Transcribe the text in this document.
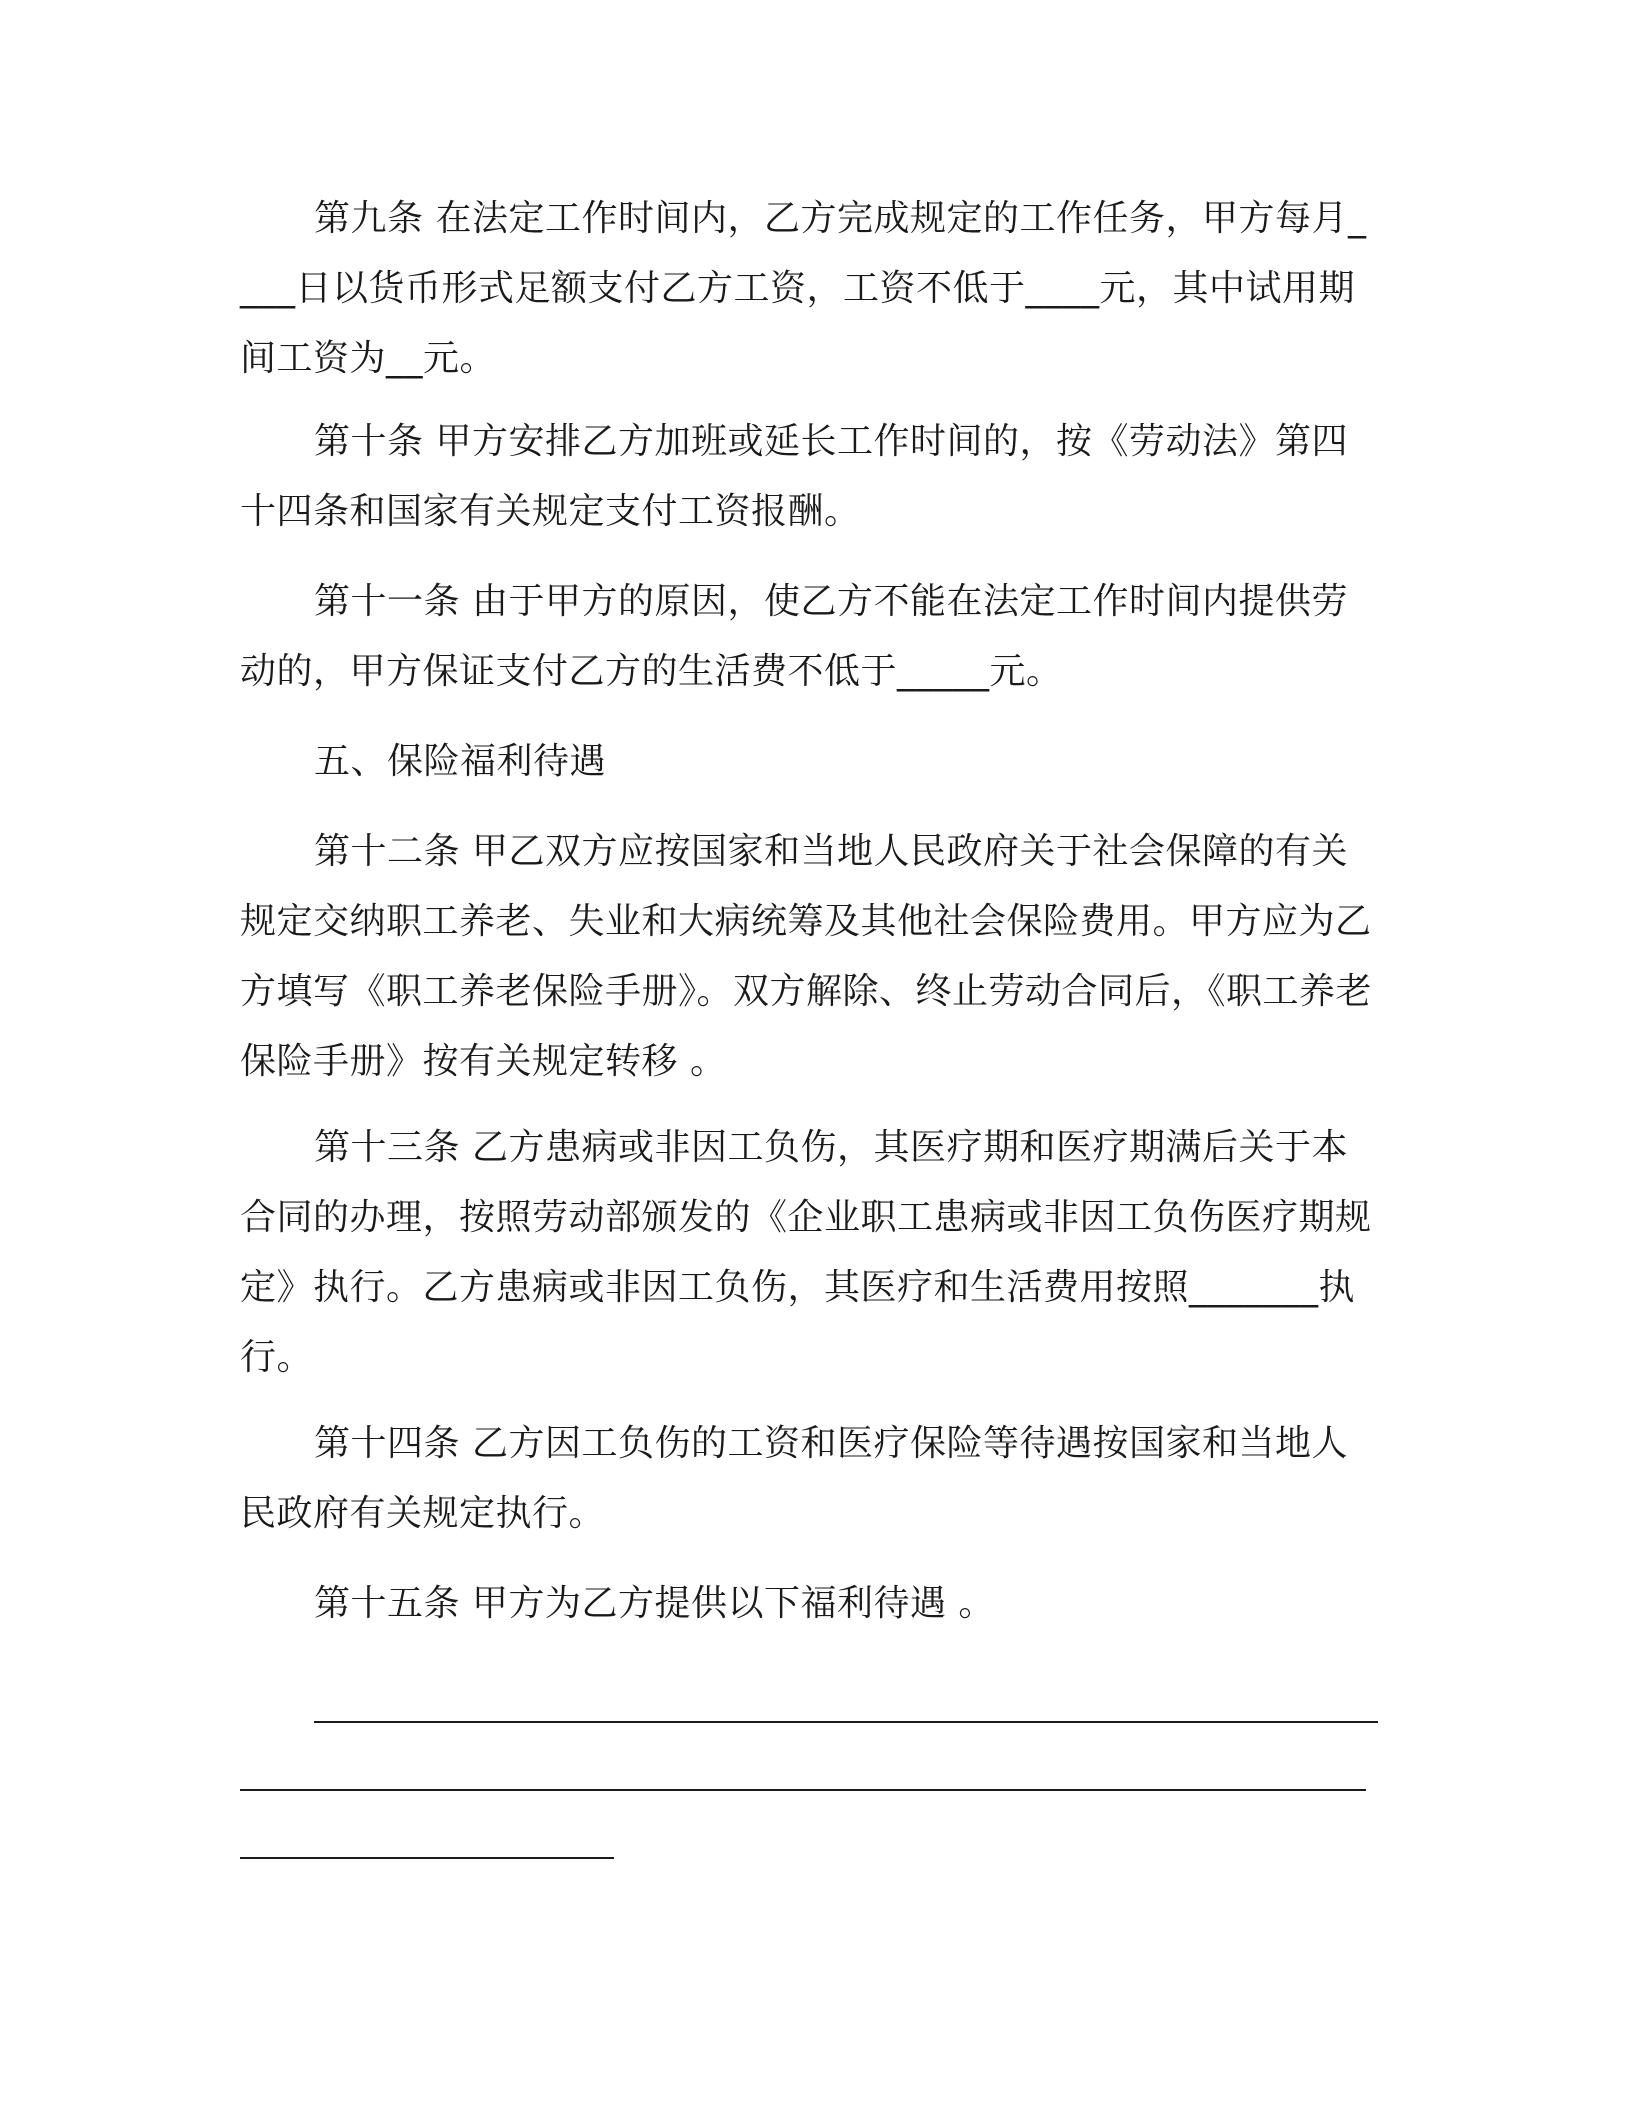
第九条 在法定工作时间内，乙方完成规定的工作任务，甲方每月____日以货币形式足额支付乙方工资，工资不低于____元，其中试用期间工资为__元。

第十条 甲方安排乙方加班或延长工作时间的，按《劳动法》第四十四条和国家有关规定支付工资报酬。

第十一条 由于甲方的原因，使乙方不能在法定工作时间内提供劳动的，甲方保证支付乙方的生活费不低于_____元。

五、保险福利待遇

第十二条 甲乙双方应按国家和当地人民政府关于社会保障的有关规定交纳职工养老、失业和大病统筹及其他社会保险费用。甲方应为乙方填写《职工养老保险手册》。双方解除、终止劳动合同后，《职工养老保险手册》按有关规定转移 。

第十三条 乙方患病或非因工负伤，其医疗期和医疗期满后关于本合同的办理，按照劳动部颁发的《企业职工患病或非因工负伤医疗期规定》执行。乙方患病或非因工负伤，其医疗和生活费用按照_______执行。

第十四条 乙方因工负伤的工资和医疗保险等待遇按国家和当地人民政府有关规定执行。

第十五条 甲方为乙方提供以下福利待遇 。
